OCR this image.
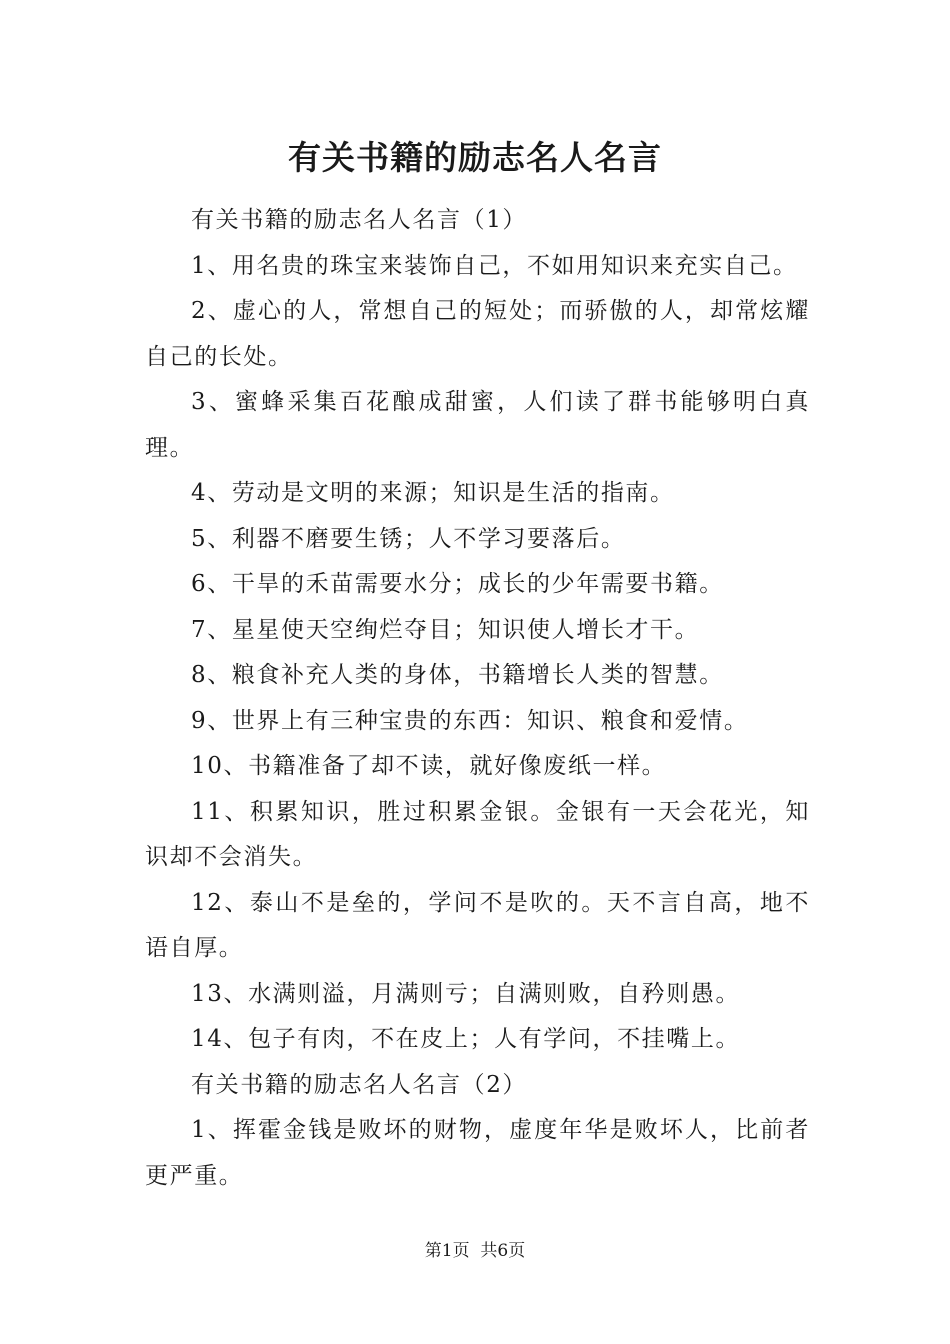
有关书籍的励志名人名言

有关书籍的励志名人名言（1）

1、用名贵的珠宝来装饰自己，不如用知识来充实自己。

2、虚心的人，常想自己的短处；而骄傲的人，却常炫耀自己的长处。

3、蜜蜂采集百花酿成甜蜜，人们读了群书能够明白真理。

4、劳动是文明的来源；知识是生活的指南。

5、利器不磨要生锈；人不学习要落后。

6、干旱的禾苗需要水分；成长的少年需要书籍。

7、星星使天空绚烂夺目；知识使人增长才干。

8、粮食补充人类的身体，书籍增长人类的智慧。

9、世界上有三种宝贵的东西：知识、粮食和爱情。

10、书籍准备了却不读，就好像废纸一样。

11、积累知识，胜过积累金银。金银有一天会花光，知识却不会消失。

12、泰山不是垒的，学问不是吹的。天不言自高，地不语自厚。

13、水满则溢，月满则亏；自满则败，自矜则愚。

14、包子有肉，不在皮上；人有学问，不挂嘴上。

有关书籍的励志名人名言（2）

1、挥霍金钱是败坏的财物，虚度年华是败坏人，比前者更严重。

第1页 共6页
